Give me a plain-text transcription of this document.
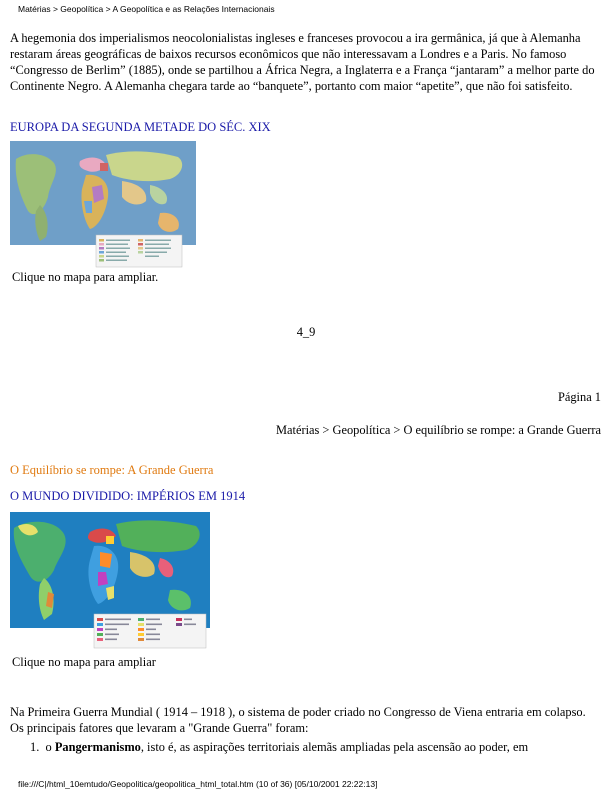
Matérias > Geopolítica > A Geopolítica e as Relações Internacionais

A hegemonia dos imperialismos neocolonialistas ingleses e franceses provocou a ira germânica, já que à Alemanha restaram áreas geográficas de baixos recursos econômicos que não interessavam a Londres e a Paris. No famoso “Congresso de Berlim” (1885), onde se partilhou a África Negra, a Inglaterra e a França “jantaram” a melhor parte do Continente Negro. A Alemanha chegara tarde ao “banquete”, portanto com maior “apetite”, que não foi satisfeito.

EUROPA DA SEGUNDA METADE DO SÉC. XIX
Clique no mapa para ampliar.
4_9
Página 1
Matérias > Geopolítica > O equilíbrio se rompe: a Grande Guerra
O Equilíbrio se rompe: A Grande Guerra
O MUNDO DIVIDIDO: IMPÉRIOS EM 1914
Clique no mapa para ampliar

Na Primeira Guerra Mundial ( 1914 – 1918 ), o sistema de poder criado no Congresso de Viena entraria em colapso. Os principais fatores que levaram a "Grande Guerra" foram:

1. o Pangermanismo, isto é, as aspirações territoriais alemãs ampliadas pela ascensão ao poder, em
file:///C|/html_10emtudo/Geopolitica/geopolitica_html_total.htm (10 of 36) [05/10/2001 22:22:13]
